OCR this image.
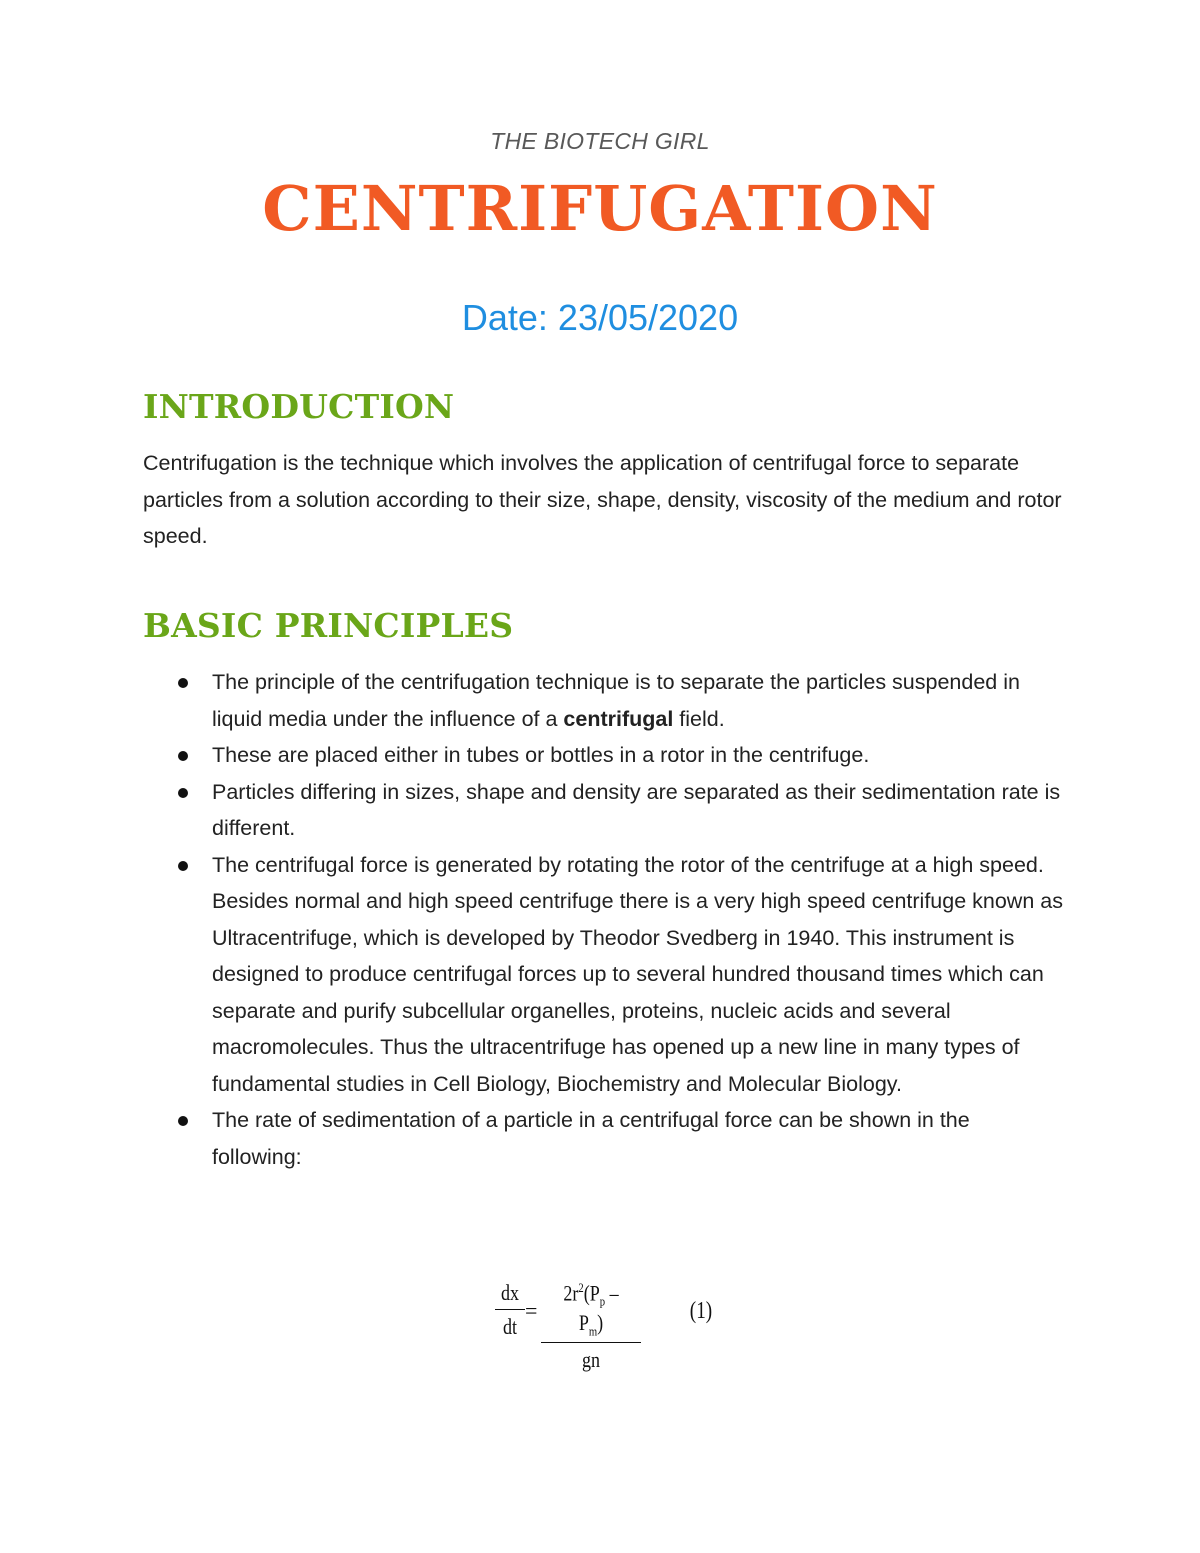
THE BIOTECH GIRL
CENTRIFUGATION
Date: 23/05/2020
INTRODUCTION
Centrifugation is the technique which involves the application of centrifugal force to separate particles from a solution according to their size, shape, density, viscosity of the medium and rotor speed.
BASIC PRINCIPLES
The principle of the centrifugation technique is to separate the particles suspended in liquid media under the influence of a centrifugal field.
These are placed either in tubes or bottles in a rotor in the centrifuge.
Particles differing in sizes, shape and density are separated as their sedimentation rate is different.
The centrifugal force is generated by rotating the rotor of the centrifuge at a high speed. Besides normal and high speed centrifuge there is a very high speed centrifuge known as Ultracentrifuge, which is developed by Theodor Svedberg in 1940. This instrument is designed to produce centrifugal forces up to several hundred thousand times which can separate and purify subcellular organelles, proteins, nucleic acids and several macromolecules. Thus the ultracentrifuge has opened up a new line in many types of fundamental studies in Cell Biology, Biochemistry and Molecular Biology.
The rate of sedimentation of a particle in a centrifugal force can be shown in the following:
dx
dt
=
$2r^2(P_p - P_m)$
gn
(1)
